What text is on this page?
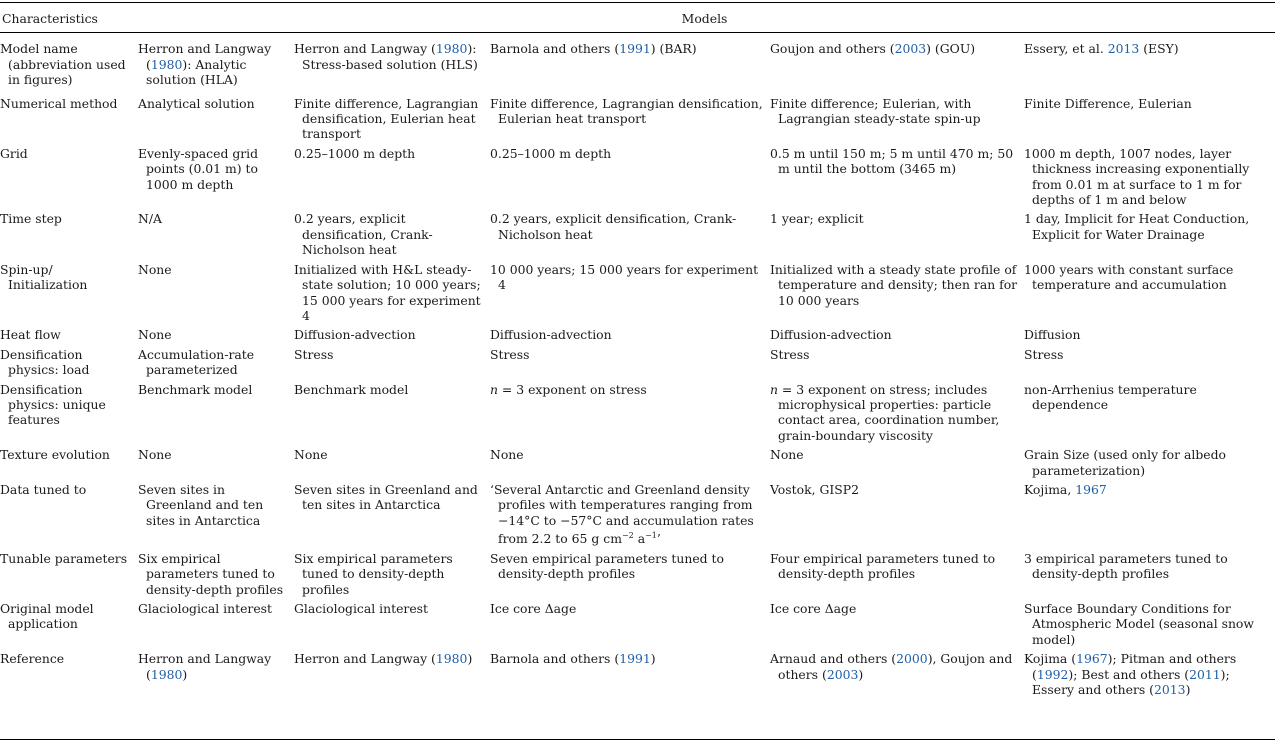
Characteristics	Models				
Model name (abbreviation used in figures)	Herron and Langway (1980): Analytic solution (HLA)	Herron and Langway (1980): Stress-based solution (HLS)	Barnola and others (1991) (BAR)	Goujon and others (2003) (GOU)	Essery, et al. 2013 (ESY)
Numerical method	Analytical solution	Finite difference, Lagrangian densification, Eulerian heat transport	Finite difference, Lagrangian densification, Eulerian heat transport	Finite difference; Eulerian, with Lagrangian steady-state spin-up	Finite Difference, Eulerian
Grid	Evenly-spaced grid points (0.01 m) to 1000 m depth	0.25–1000 m depth	0.25–1000 m depth	0.5 m until 150 m; 5 m until 470 m; 50 m until the bottom (3465 m)	1000 m depth, 1007 nodes, layer thickness increasing exponentially from 0.01 m at surface to 1 m for depths of 1 m and below
Time step	N/A	0.2 years, explicit densification, Crank-Nicholson heat	0.2 years, explicit densification, Crank-Nicholson heat	1 year; explicit	1 day, Implicit for Heat Conduction, Explicit for Water Drainage
Spin-up/ Initialization	None	Initialized with H&L steady-state solution; 10 000 years; 15 000 years for experiment 4	10 000 years; 15 000 years for experiment 4	Initialized with a steady state profile of temperature and density; then ran for 10 000 years	1000 years with constant surface temperature and accumulation
Heat flow	None	Diffusion-advection	Diffusion-advection	Diffusion-advection	Diffusion
Densification physics: load	Accumulation-rate parameterized	Stress	Stress	Stress	Stress
Densification physics: unique features	Benchmark model	Benchmark model	n = 3 exponent on stress	n = 3 exponent on stress; includes microphysical properties: particle contact area, coordination number, grain-boundary viscosity	non-Arrhenius temperature dependence
Texture evolution	None	None	None	None	Grain Size (used only for albedo parameterization)
Data tuned to	Seven sites in Greenland and ten sites in Antarctica	Seven sites in Greenland and ten sites in Antarctica	‘Several Antarctic and Greenland density profiles with temperatures ranging from −14°C to −57°C and accumulation rates from 2.2 to 65 g $cm^{-2}$ $a^{-1}$’	Vostok, GISP2	Kojima, 1967
Tunable parameters	Six empirical parameters tuned to density-depth profiles	Six empirical parameters tuned to density-depth profiles	Seven empirical parameters tuned to density-depth profiles	Four empirical parameters tuned to density-depth profiles	3 empirical parameters tuned to density-depth profiles
Original model application	Glaciological interest	Glaciological interest	Ice core Δage	Ice core Δage	Surface Boundary Conditions for Atmospheric Model (seasonal snow model)
Reference	Herron and Langway (1980)	Herron and Langway (1980)	Barnola and others (1991)	Arnaud and others (2000), Goujon and others (2003)	Kojima (1967); Pitman and others (1992); Best and others (2011); Essery and others (2013)
